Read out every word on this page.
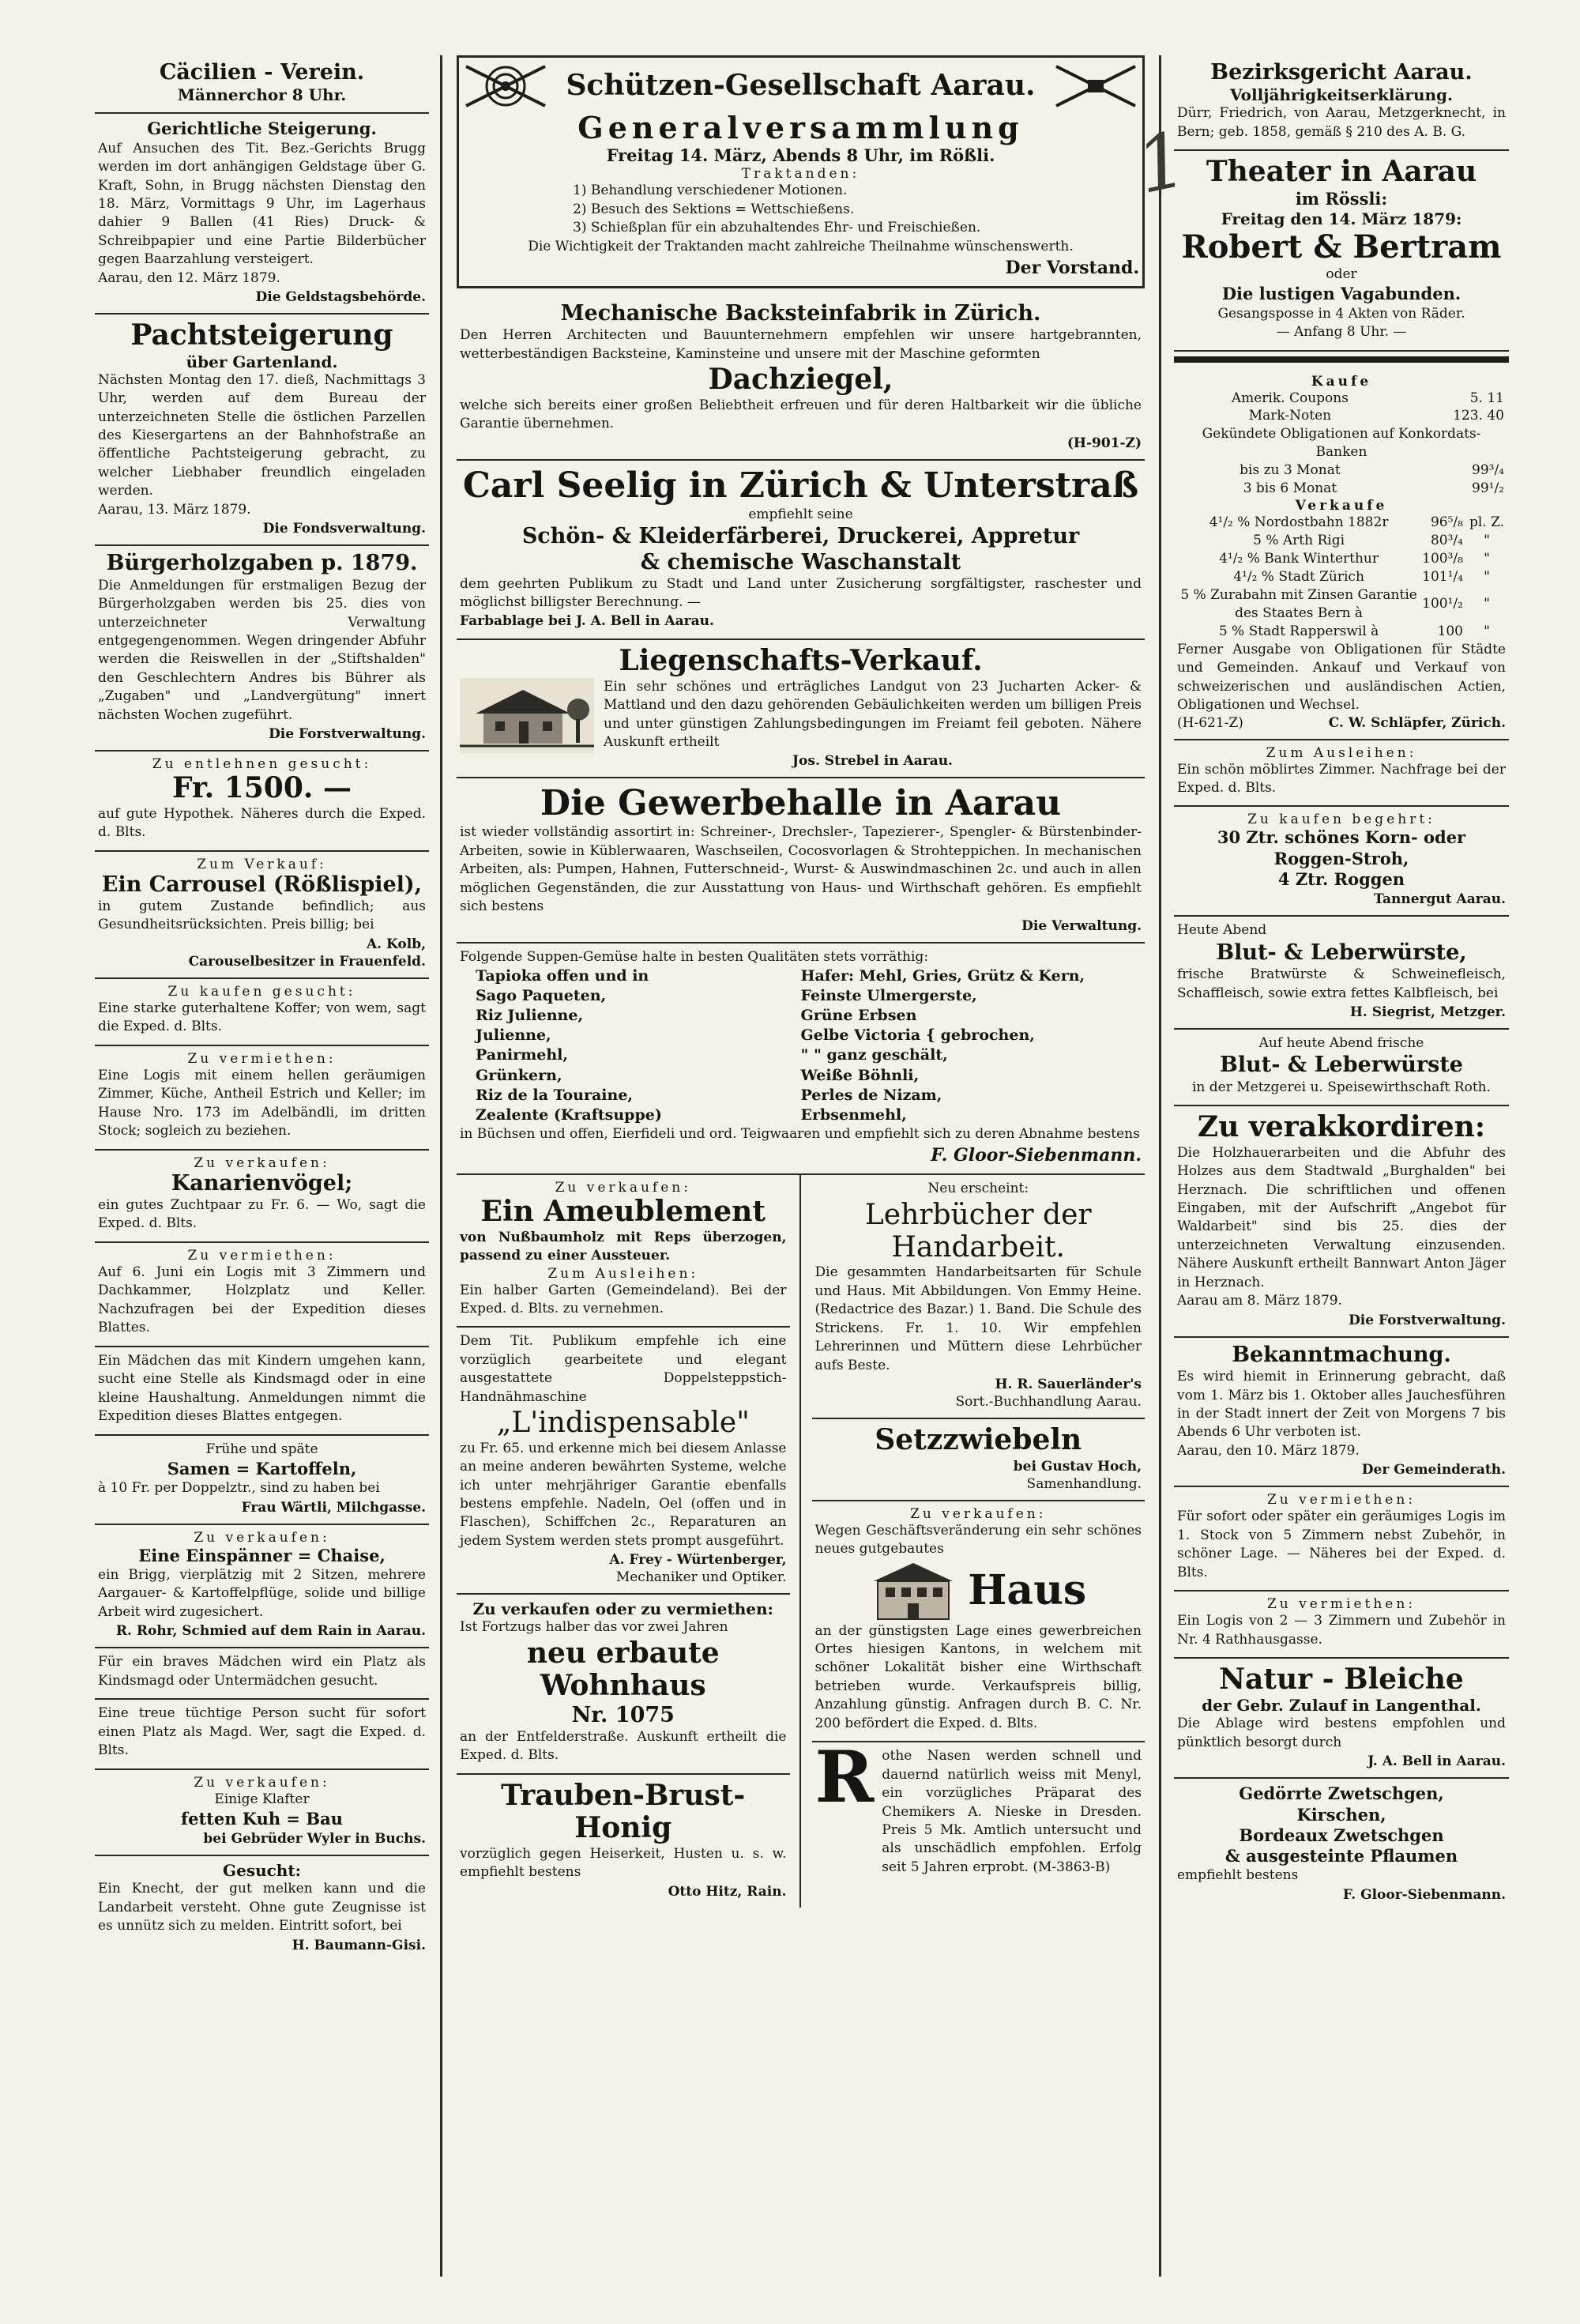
1
Cäcilien - Verein.
Männerchor 8 Uhr.
Gerichtliche Steigerung.
Auf Ansuchen des Tit. Bez.-Gerichts Brugg werden im dort anhängigen Geldstage über G. Kraft, Sohn, in Brugg nächsten Dienstag den 18. März, Vormittags 9 Uhr, im Lagerhaus dahier 9 Ballen (41 Ries) Druck- & Schreibpapier und eine Partie Bilderbücher gegen Baarzahlung versteigert.
Aarau, den 12. März 1879.
Die Geldstagsbehörde.
Pachtsteigerung
über Gartenland.
Nächsten Montag den 17. dieß, Nachmittags 3 Uhr, werden auf dem Bureau der unterzeichneten Stelle die östlichen Parzellen des Kiesergartens an der Bahnhofstraße an öffentliche Pachtsteigerung gebracht, zu welcher Liebhaber freundlich eingeladen werden.
Aarau, 13. März 1879.
Die Fondsverwaltung.
Bürgerholzgaben p. 1879.
Die Anmeldungen für erstmaligen Bezug der Bürgerholzgaben werden bis 25. dies von unterzeichneter Verwaltung entgegengenommen. Wegen dringender Abfuhr werden die Reiswellen in der „Stiftshalden" den Geschlechtern Andres bis Bührer als „Zugaben" und „Landvergütung" innert nächsten Wochen zugeführt.
Die Forstverwaltung.
Zu entlehnen gesucht:
Fr. 1500. —
auf gute Hypothek. Näheres durch die Exped. d. Blts.
Zum Verkauf:
Ein Carrousel (Rößlispiel),
in gutem Zustande befindlich; aus Gesundheitsrücksichten. Preis billig; bei
A. Kolb,
Carouselbesitzer in Frauenfeld.
Zu kaufen gesucht:
Eine starke guterhaltene Koffer; von wem, sagt die Exped. d. Blts.
Zu vermiethen:
Eine Logis mit einem hellen geräumigen Zimmer, Küche, Antheil Estrich und Keller; im Hause Nro. 173 im Adelbändli, im dritten Stock; sogleich zu beziehen.
Zu verkaufen:
Kanarienvögel;
ein gutes Zuchtpaar zu Fr. 6. — Wo, sagt die Exped. d. Blts.
Zu vermiethen:
Auf 6. Juni ein Logis mit 3 Zimmern und Dachkammer, Holzplatz und Keller. Nachzufragen bei der Expedition dieses Blattes.
Ein Mädchen das mit Kindern umgehen kann, sucht eine Stelle als Kindsmagd oder in eine kleine Haushaltung. Anmeldungen nimmt die Expedition dieses Blattes entgegen.
Frühe und späte
Samen = Kartoffeln,
à 10 Fr. per Doppelztr., sind zu haben bei
Frau Wärtli, Milchgasse.
Zu verkaufen:
Eine Einspänner = Chaise,
ein Brigg, vierplätzig mit 2 Sitzen, mehrere Aargauer- & Kartoffelpflüge, solide und billige Arbeit wird zugesichert.
R. Rohr, Schmied auf dem Rain in Aarau.
Für ein braves Mädchen wird ein Platz als Kindsmagd oder Untermädchen gesucht.
Eine treue tüchtige Person sucht für sofort einen Platz als Magd. Wer, sagt die Exped. d. Blts.
Zu verkaufen:
Einige Klafter
fetten Kuh = Bau
bei Gebrüder Wyler in Buchs.
Gesucht:
Ein Knecht, der gut melken kann und die Landarbeit versteht. Ohne gute Zeugnisse ist es unnütz sich zu melden. Eintritt sofort, bei
H. Baumann-Gisi.
Schützen-Gesellschaft Aarau.
Generalversammlung
Freitag 14. März, Abends 8 Uhr, im Rößli.
Traktanden:
1) Behandlung verschiedener Motionen.
2) Besuch des Sektions = Wettschießens.
3) Schießplan für ein abzuhaltendes Ehr- und Freischießen.
Die Wichtigkeit der Traktanden macht zahlreiche Theilnahme wünschenswerth.
Der Vorstand.
Mechanische Backsteinfabrik in Zürich.
Den Herren Architecten und Bauunternehmern empfehlen wir unsere hartgebrannten, wetterbeständigen Backsteine, Kaminsteine und unsere mit der Maschine geformten
Dachziegel,
welche sich bereits einer großen Beliebtheit erfreuen und für deren Haltbarkeit wir die übliche Garantie übernehmen.
(H-901-Z)
Carl Seelig in Zürich & Unterstraß
empfiehlt seine
Schön- & Kleiderfärberei, Druckerei, Appretur
& chemische Waschanstalt
dem geehrten Publikum zu Stadt und Land unter Zusicherung sorgfältigster, raschester und möglichst billigster Berechnung. —
Farbablage bei J. A. Bell in Aarau.
Liegenschafts-Verkauf.
Ein sehr schönes und erträgliches Landgut von 23 Jucharten Acker- & Mattland und den dazu gehörenden Gebäulichkeiten werden um billigen Preis und unter günstigen Zahlungsbedingungen im Freiamt feil geboten. Nähere Auskunft ertheilt
Jos. Strebel in Aarau.
Die Gewerbehalle in Aarau
ist wieder vollständig assortirt in: Schreiner-, Drechsler-, Tapezierer-, Spengler- & Bürstenbinder-Arbeiten, sowie in Küblerwaaren, Waschseilen, Cocosvorlagen & Strohteppichen. In mechanischen Arbeiten, als: Pumpen, Hahnen, Futterschneid-, Wurst- & Auswindmaschinen 2c. und auch in allen möglichen Gegenständen, die zur Ausstattung von Haus- und Wirthschaft gehören. Es empfiehlt sich bestens
Die Verwaltung.
Folgende Suppen-Gemüse halte in besten Qualitäten stets vorräthig:
Tapioka offen und in	Hafer: Mehl, Gries, Grütz & Kern,
Sago Paqueten,	Feinste Ulmergerste,
Riz Julienne,	Grüne Erbsen
Julienne,	Gelbe Victoria { gebrochen,
Panirmehl,	" " ganz geschält,
Grünkern,	Weiße Böhnli,
Riz de la Touraine,	Perles de Nizam,
Zealente (Kraftsuppe)	Erbsenmehl,
in Büchsen und offen, Eierfideli und ord. Teigwaaren und empfiehlt sich zu deren Abnahme bestens
F. Gloor-Siebenmann.
Zu verkaufen:
Ein Ameublement
von Nußbaumholz mit Reps überzogen, passend zu einer Aussteuer.
Zum Ausleihen:
Ein halber Garten (Gemeindeland). Bei der Exped. d. Blts. zu vernehmen.
Dem Tit. Publikum empfehle ich eine vorzüglich gearbeitete und elegant ausgestattete Doppelsteppstich-Handnähmaschine
„L'indispensable"
zu Fr. 65. und erkenne mich bei diesem Anlasse an meine anderen bewährten Systeme, welche ich unter mehrjähriger Garantie ebenfalls bestens empfehle. Nadeln, Oel (offen und in Flaschen), Schiffchen 2c., Reparaturen an jedem System werden stets prompt ausgeführt.
A. Frey - Würtenberger,
Mechaniker und Optiker.
Zu verkaufen oder zu vermiethen:
Ist Fortzugs halber das vor zwei Jahren
neu erbaute Wohnhaus
Nr. 1075
an der Entfelderstraße. Auskunft ertheilt die Exped. d. Blts.
Trauben-Brust-Honig
vorzüglich gegen Heiserkeit, Husten u. s. w. empfiehlt bestens
Otto Hitz, Rain.
Neu erscheint:
Lehrbücher der Handarbeit.
Die gesammten Handarbeitsarten für Schule und Haus. Mit Abbildungen. Von Emmy Heine. (Redactrice des Bazar.) 1. Band. Die Schule des Strickens. Fr. 1. 10. Wir empfehlen Lehrerinnen und Müttern diese Lehrbücher aufs Beste.
H. R. Sauerländer's
Sort.-Buchhandlung Aarau.
Setzzwiebeln
bei Gustav Hoch,
Samenhandlung.
Zu verkaufen:
Wegen Geschäftsveränderung ein sehr schönes neues gutgebautes
Haus
an der günstigsten Lage eines gewerbreichen Ortes hiesigen Kantons, in welchem mit schöner Lokalität bisher eine Wirthschaft betrieben wurde. Verkaufspreis billig, Anzahlung günstig. Anfragen durch B. C. Nr. 200 befördert die Exped. d. Blts.
R othe Nasen werden schnell und dauernd natürlich weiss mit Menyl, ein vorzügliches Präparat des Chemikers A. Nieske in Dresden. Preis 5 Mk. Amtlich untersucht und als unschädlich empfohlen. Erfolg seit 5 Jahren erprobt. (M-3863-B)
Bezirksgericht Aarau.
Volljährigkeitserklärung.
Dürr, Friedrich, von Aarau, Metzgerknecht, in Bern; geb. 1858, gemäß § 210 des A. B. G.
Theater in Aarau
im Rössli:
Freitag den 14. März 1879:
Robert & Bertram
oder
Die lustigen Vagabunden.
Gesangsposse in 4 Akten von Räder.
— Anfang 8 Uhr. —
Kaufe
Amerik. Coupons	5. 11
Mark-Noten	123. 40
Gekündete Obligationen auf Konkordats-Banken	
bis zu 3 Monat	99³/₄
3 bis 6 Monat	99¹/₂
Verkaufe
4¹/₂ % Nordostbahn 1882r	96⁵/₈	pl. Z.
5 % Arth Rigi	80³/₄	"
4¹/₂ % Bank Winterthur	100³/₈	"
4¹/₂ % Stadt Zürich	101¹/₄	"
5 % Zurabahn mit Zinsen Garantie des Staates Bern à	100¹/₂	"
5 % Stadt Rapperswil à	100	"
Ferner Ausgabe von Obligationen für Städte und Gemeinden. Ankauf und Verkauf von schweizerischen und ausländischen Actien, Obligationen und Wechsel.
(H-621-Z)	C. W. Schläpfer, Zürich.
Zum Ausleihen:
Ein schön möblirtes Zimmer. Nachfrage bei der Exped. d. Blts.
Zu kaufen begehrt:
30 Ztr. schönes Korn- oder
Roggen-Stroh,
4 Ztr. Roggen
Tannergut Aarau.
Heute Abend
Blut- & Leberwürste,
frische Bratwürste & Schweinefleisch, Schaffleisch, sowie extra fettes Kalbfleisch, bei
H. Siegrist, Metzger.
Auf heute Abend frische
Blut- & Leberwürste
in der Metzgerei u. Speisewirthschaft Roth.
Zu verakkordiren:
Die Holzhauerarbeiten und die Abfuhr des Holzes aus dem Stadtwald „Burghalden" bei Herznach. Die schriftlichen und offenen Eingaben, mit der Aufschrift „Angebot für Waldarbeit" sind bis 25. dies der unterzeichneten Verwaltung einzusenden. Nähere Auskunft ertheilt Bannwart Anton Jäger in Herznach.
Aarau am 8. März 1879.
Die Forstverwaltung.
Bekanntmachung.
Es wird hiemit in Erinnerung gebracht, daß vom 1. März bis 1. Oktober alles Jauchesführen in der Stadt innert der Zeit von Morgens 7 bis Abends 6 Uhr verboten ist.
Aarau, den 10. März 1879.
Der Gemeinderath.
Zu vermiethen:
Für sofort oder später ein geräumiges Logis im 1. Stock von 5 Zimmern nebst Zubehör, in schöner Lage. — Näheres bei der Exped. d. Blts.
Zu vermiethen:
Ein Logis von 2 — 3 Zimmern und Zubehör in Nr. 4 Rathhausgasse.
Natur - Bleiche
der Gebr. Zulauf in Langenthal.
Die Ablage wird bestens empfohlen und pünktlich besorgt durch
J. A. Bell in Aarau.
Gedörrte Zwetschgen,
Kirschen,
Bordeaux Zwetschgen
& ausgesteinte Pflaumen
empfiehlt bestens
F. Gloor-Siebenmann.
